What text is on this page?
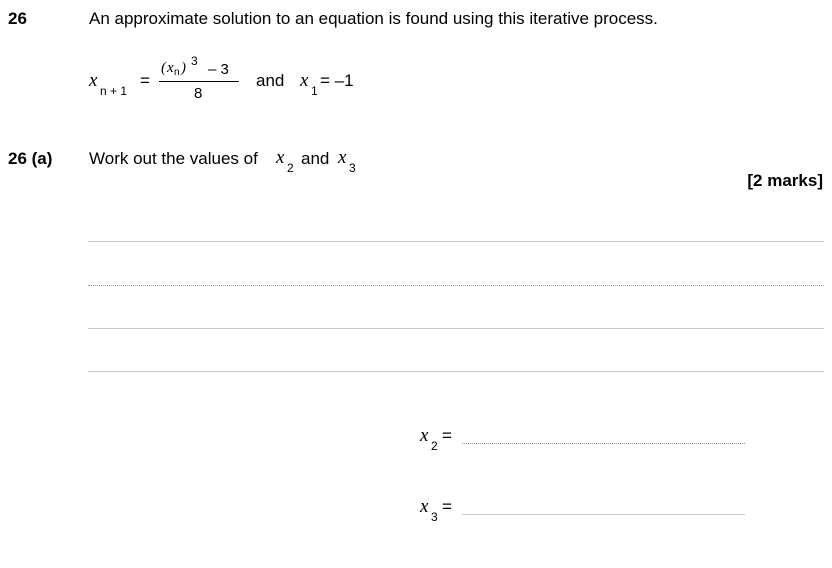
26	An approximate solution to an equation is found using this iterative process.
x n + 1
=
( x n ) 3 – 3
8
and x 1
= –1
26 (a) Work out the values of x 2 and x 3
[2 marks]
x 2
=
x 3
=
